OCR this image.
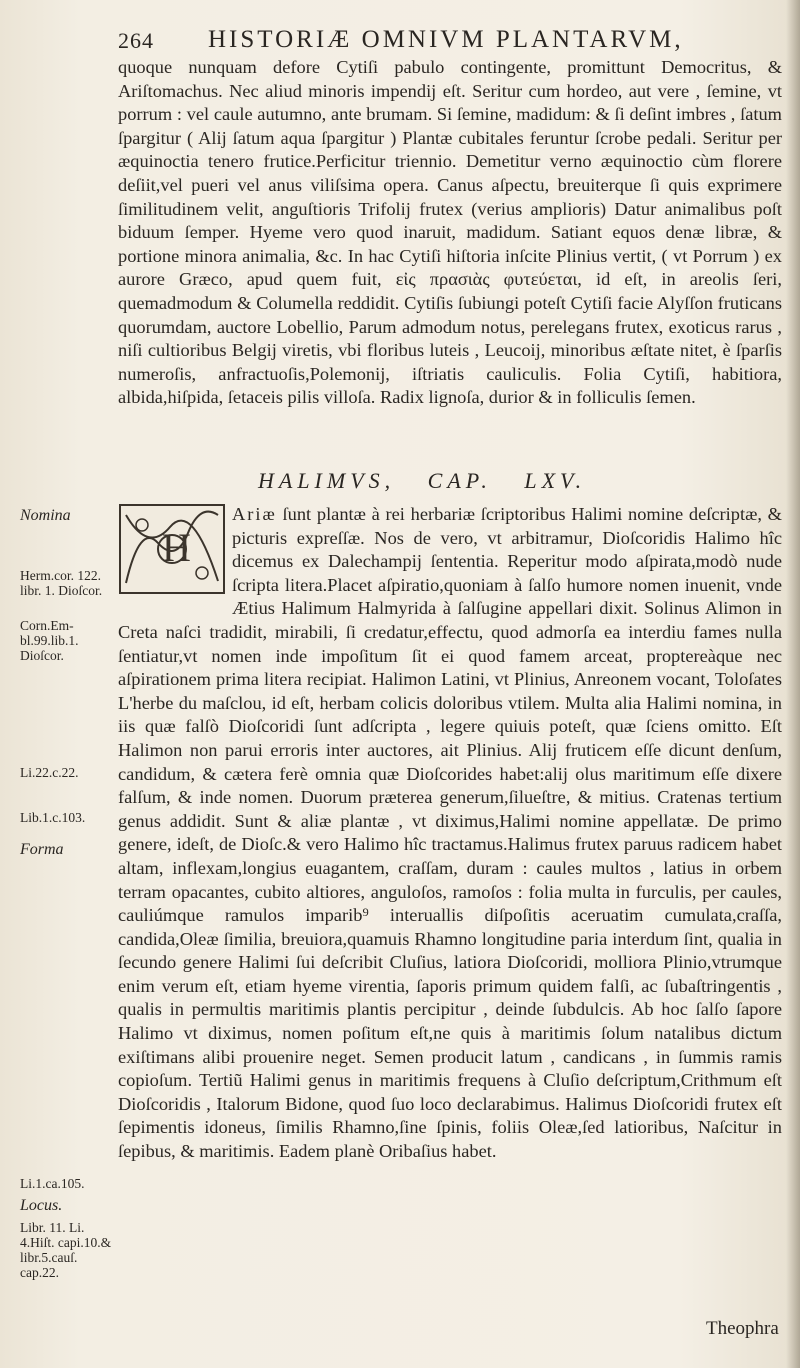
264 HISTORIÆ OMNIVM PLANTARVM,

quoque nunquam defore Cytiſi pabulo contingente, promittunt Democritus, & Ariſtomachus. Nec aliud minoris impendij eſt. Seritur cum hordeo, aut vere , ſemine, vt porrum : vel caule autumno, ante brumam. Si ſemine, madidum: & ſi deſint imbres , ſatum ſpargitur ( Alij ſatum aqua ſpargitur ) Plantæ cubitales feruntur ſcrobe pedali. Seritur per æquinoctia tenero frutice.Perficitur triennio. Demetitur verno æquinoctio cùm florere deſiit,vel pueri vel anus viliſsima opera. Canus aſpectu, breuiterque ſi quis exprimere ſimilitudinem velit, anguſtioris Trifolij frutex (verius amplioris) Datur animalibus poſt biduum ſemper. Hyeme vero quod inaruit, madidum. Satiant equos denæ libræ, & portione minora animalia, &c. In hac Cytiſi hiſtoria inſcite Plinius vertit, ( vt Porrum ) ex aurore Græco, apud quem fuit, εἰς πρασιὰς φυτεύεται, id eſt, in areolis ſeri, quemadmodum & Columella reddidit. Cytiſis ſubiungi poteſt Cytiſi facie Alyſſon fruticans quorumdam, auctore Lobellio, Parum admodum notus, perelegans frutex, exoticus rarus , niſi cultioribus Belgij viretis, vbi floribus luteis , Leucoij, minoribus æſtate nitet, è ſparſis numeroſis, anfractuoſis,Polemonij, iſtriatis cauliculis. Folia Cytiſi, habitiora, albida,hiſpida, ſetaceis pilis villoſa. Radix lignoſa, durior & in folliculis ſemen.

HALIMVS, CAP. LXV.
H
Ariæ ſunt plantæ à rei herbariæ ſcriptoribus Halimi nomine deſcriptæ, & picturis expreſſæ. Nos de vero, vt arbitramur, Dioſcoridis Halimo hîc dicemus ex Dalechampij ſententia. Reperitur modo aſpirata,modò nude ſcripta litera.Placet aſpiratio,quoniam à ſalſo humore nomen inuenit, vnde Ætius Halimum Halmyrida à ſalſugine appellari dixit. Solinus Alimon in Creta naſci tradidit, mirabili, ſi credatur,effectu, quod admorſa ea interdiu fames nulla ſentiatur,vt nomen inde impoſitum ſit ei quod famem arceat, proptereàque nec aſpirationem prima litera recipiat. Halimon Latini, vt Plinius, Anreonem vocant, Toloſates L'herbe du maſclou, id eſt, herbam colicis doloribus vtilem. Multa alia Halimi nomina, in iis quæ falſò Dioſcoridi ſunt adſcripta , legere quiuis poteſt, quæ ſciens omitto. Eſt Halimon non parui erroris inter auctores, ait Plinius. Alij fruticem eſſe dicunt denſum, candidum, & cætera ferè omnia quæ Dioſcorides habet:alij olus maritimum eſſe dixere falſum, & inde nomen. Duorum præterea generum,ſilueſtre, & mitius. Cratenas tertium genus addidit. Sunt & aliæ plantæ , vt diximus,Halimi nomine appellatæ. De primo genere, ideſt, de Dioſc.& vero Halimo hîc tractamus.Halimus frutex paruus radicem habet altam, inflexam,longius euagantem, craſſam, duram : caules multos , latius in orbem terram opacantes, cubito altiores, anguloſos, ramoſos : folia multa in furculis, per caules, cauliúmque ramulos imparib⁹ interuallis diſpoſitis aceruatim cumulata,craſſa, candida,Oleæ ſimilia, breuiora,quamuis Rhamno longitudine paria interdum ſint, qualia in ſecundo genere Halimi ſui deſcribit Cluſius, latiora Dioſcoridi, molliora Plinio,vtrumque enim verum eſt, etiam hyeme virentia, ſaporis primum quidem falſi, ac ſubaſtringentis , qualis in permultis maritimis plantis percipitur , deinde ſubdulcis. Ab hoc ſalſo ſapore Halimo vt diximus, nomen poſitum eſt,ne quis à maritimis ſolum natalibus dictum exiſtimans alibi prouenire neget. Semen producit latum , candicans , in ſummis ramis copioſum. Tertiũ Halimi genus in maritimis frequens à Cluſio deſcriptum,Crithmum eſt Dioſcoridis , Italorum Bidone, quod ſuo loco declarabimus. Halimus Dioſcoridi frutex eſt ſepimentis idoneus, ſimilis Rhamno,ſine ſpinis, foliis Oleæ,ſed latioribus, Naſcitur in ſepibus, & maritimis. Eadem planè Oribaſius habet.
Nomina
Herm.cor. 122. libr. 1. Dioſcor.
Corn.Em-bl.99.lib.1. Dioſcor.
Li.22.c.22.
Lib.1.c.103.
Forma
Li.1.ca.105.
Locus.
Libr. 11. Li. 4.Hiſt. capi.10.& libr.5.cauſ. cap.22.
Theophra
